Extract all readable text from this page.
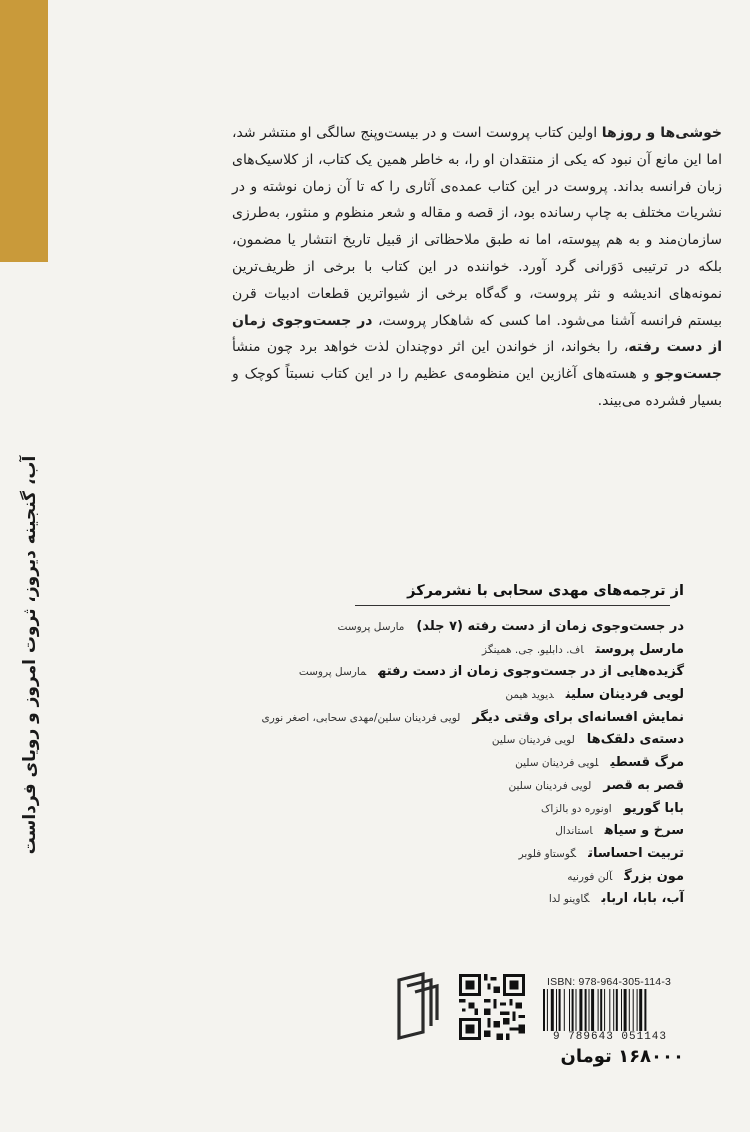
آب، گنجینه دیروز، ثروت امروز و رویای فرداست

خوشی‌ها و روزها اولین کتاب پروست است و در بیست‌وپنج سالگی او منتشر شد، اما این مانع آن نبود که یکی از منتقدان او را، به خاطر همین یک کتاب، از کلاسیک‌های زبان فرانسه بداند. پروست در این کتاب عمده‌ی آثاری را که تا آن زمان نوشته و در نشریات مختلف به چاپ رسانده بود، از قصه و مقاله و شعر منظوم و منثور، به‌طرزی سازمان‌مند و به هم پیوسته، اما نه طبق ملاحظاتی از قبیل تاریخ انتشار یا مضمون، بلکه در ترتیبی دَوَرانی گرد آورد. خواننده در این کتاب با برخی از ظریف‌ترین نمونه‌های اندیشه و نثر پروست، و گه‌گاه برخی از شیواترین قطعات ادبیات قرن بیستم فرانسه آشنا می‌شود. اما کسی که شاهکار پروست، در جست‌وجوی زمان از دست رفته، را بخواند، از خواندن این اثر دوچندان لذت خواهد برد چون منشأ جست‌وجو و هسته‌های آغازین این منظومه‌ی عظیم را در این کتاب نسبتاً کوچک و بسیار فشرده می‌بیند.

از ترجمه‌های مهدی سحابی با نشرمرکز
در جست‌وجوی زمان از دست رفته (۷ جلد)مارسل پروست
مارسل پروستاف. دابلیو. جی. همینگز
گزیده‌هایی از در جست‌وجوی زمان از دست رفتهمارسل پروست
لویی فردینان سلیندیوید هیمن
نمایش افسانه‌ای برای وقتی دیگرلویی فردینان سلین/مهدی سحابی، اصغر نوری
دسته‌ی دلقک‌هالویی فردینان سلین
مرگ قسطیلویی فردینان سلین
قصر به قصرلویی فردینان سلین
بابا گوریواونوره دو بالزاک
سرخ و سیاهاستاندال
تربیت احساساتگوستاو فلوبر
مون بزرگآلن فورنیه
آب، بابا، اربابگاوینو لدا
ISBN: 978-964-305-114-3
9 789643 051143
۱۶۸۰۰۰ تومان
